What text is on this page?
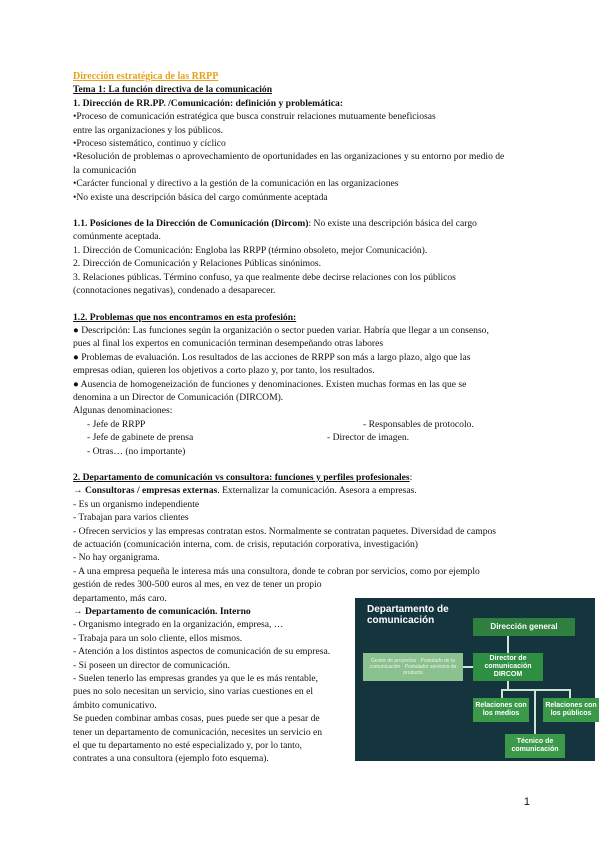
Dirección estratégica de las RRPP
Tema 1: La función directiva de la comunicación
1. Dirección de RR.PP. /Comunicación: definición y problemática:
•Proceso de comunicación estratégica que busca construir relaciones mutuamente beneficiosas
entre las organizaciones y los públicos.
•Proceso sistemático, continuo y cíclico
•Resolución de problemas o aprovechamiento de oportunidades en las organizaciones y su entorno por medio de
la comunicación
•Carácter funcional y directivo a la gestión de la comunicación en las organizaciones
•No existe una descripción básica del cargo comúnmente aceptada
1.1. Posiciones de la Dirección de Comunicación (Dircom): No existe una descripción básica del cargo
comúnmente aceptada.
1. Dirección de Comunicación: Engloba las RRPP (término obsoleto, mejor Comunicación).
2. Dirección de Comunicación y Relaciones Públicas sinónimos.
3. Relaciones públicas. Término confuso, ya que realmente debe decirse relaciones con los públicos
(connotaciones negativas), condenado a desaparecer.
1.2. Problemas que nos encontramos en esta profesión:
● Descripción: Las funciones según la organización o sector pueden variar. Habría que llegar a un consenso,
pues al final los expertos en comunicación terminan desempeñando otras labores
● Problemas de evaluación. Los resultados de las acciones de RRPP son más a largo plazo, algo que las
empresas odian, quieren los objetivos a corto plazo y, por tanto, los resultados.
● Ausencia de homogeneización de funciones y denominaciones. Existen muchas formas en las que se
denomina a un Director de Comunicación (DIRCOM).
Algunas denominaciones:
- Jefe de RRPP	- Responsables de protocolo.
- Jefe de gabinete de prensa	- Director de imagen.
- Otras… (no importante)
2. Departamento de comunicación vs consultora: funciones y perfiles profesionales:
→ Consultoras / empresas externas. Externalizar la comunicación. Asesora a empresas.
- Es un organismo independiente
- Trabajan para varios clientes
- Ofrecen servicios y las empresas contratan estos. Normalmente se contratan paquetes. Diversidad de campos
de actuación (comunicación interna, com. de crisis, reputación corporativa, investigación)
- No hay organigrama.
- A una empresa pequeña le interesa más una consultora, donde te cobran por servicios, como por ejemplo
gestión de redes 300-500 euros al mes, en vez de tener un propio
departamento, más caro.
→ Departamento de comunicación. Interno
- Organismo integrado en la organización, empresa, …
- Trabaja para un solo cliente, ellos mismos.
- Atención a los distintos aspectos de comunicación de su empresa.
- Si poseen un director de comunicación.
- Suelen tenerlo las empresas grandes ya que le es más rentable,
pues no solo necesitan un servicio, sino varias cuestiones en el
ámbito comunicativo.
Se pueden combinar ambas cosas, pues puede ser que a pesar de
tener un departamento de comunicación, necesites un servicio en
el que tu departamento no esté especializado y, por lo tanto,
contrates a una consultora (ejemplo foto esquema).
Departamento de
comunicación
Dirección general
Gestor de proyectos · Postulado de la comunicación · Postulador servicios de producto
Director de comunicación DIRCOM
Relaciones con los medios
Relaciones con los públicos
Técnico de comunicación
1
